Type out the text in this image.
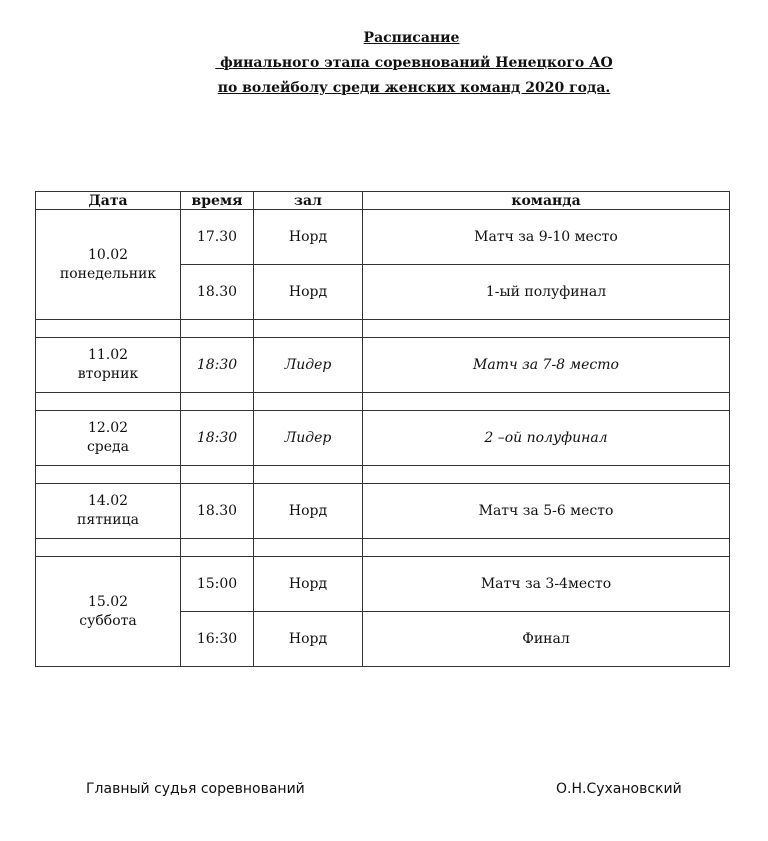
Расписание
финального этапа соревнований Ненецкого АО
по волейболу среди женских команд 2020 года.
Дата	время	зал	команда

10.02
понедельник	17.30	Норд	Матч за 9-10 место
	18.30	Норд	1-ый полуфинал

11.02
вторник	18:30	Лидер	Матч за 7-8 место

12.02
среда	18:30	Лидер	2 –ой полуфинал

14.02
пятница	18.30	Норд	Матч за 5-6 место

15.02
суббота	15:00	Норд	Матч за 3-4место
	16:30	Норд	Финал
Главный судья соревнований	О.Н.Сухановский
